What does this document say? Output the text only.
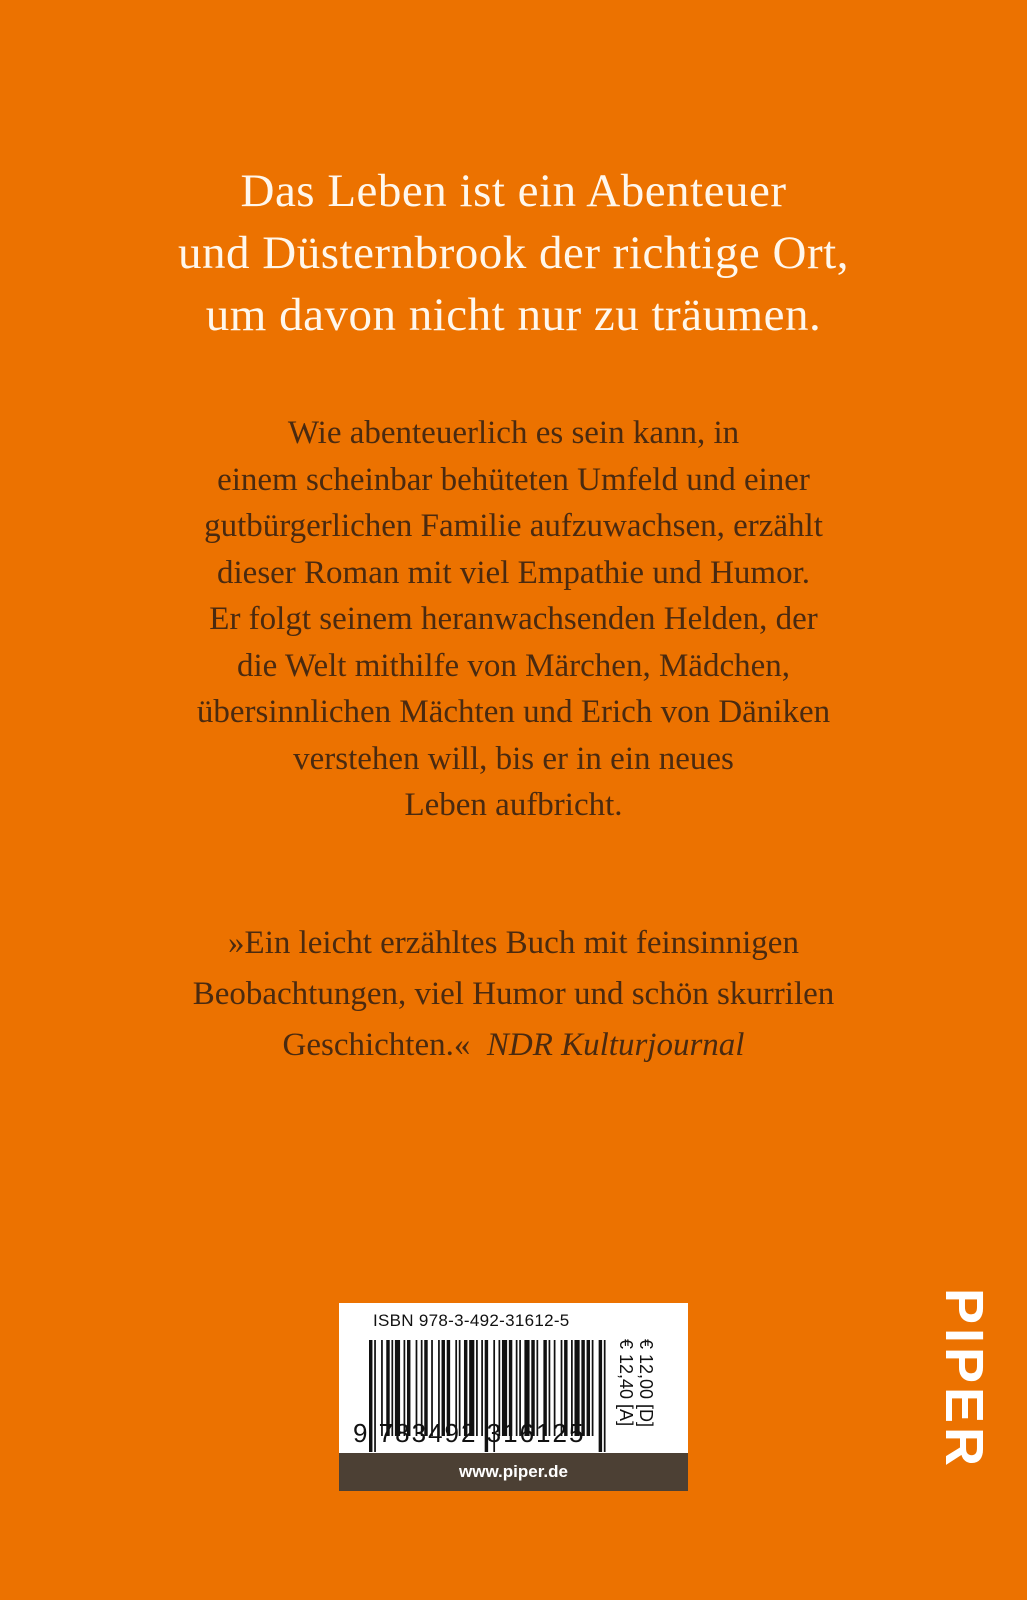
Das Leben ist ein Abenteuer
und Düsternbrook der richtige Ort,
um davon nicht nur zu träumen.
Wie abenteuerlich es sein kann, in
einem scheinbar behüteten Umfeld und einer
gutbürgerlichen Familie aufzuwachsen, erzählt
dieser Roman mit viel Empathie und Humor.
Er folgt seinem heranwachsenden Helden, der
die Welt mithilfe von Märchen, Mädchen,
übersinnlichen Mächten und Erich von Däniken
verstehen will, bis er in ein neues
Leben aufbricht.
»Ein leicht erzähltes Buch mit feinsinnigen
Beobachtungen, viel Humor und schön skurrilen
Geschichten.« NDR Kulturjournal
ISBN 978-3-492-31612-5
9 783492 316125
€ 12,00 [D]
€ 12,40 [A]
www.piper.de
PIPER
